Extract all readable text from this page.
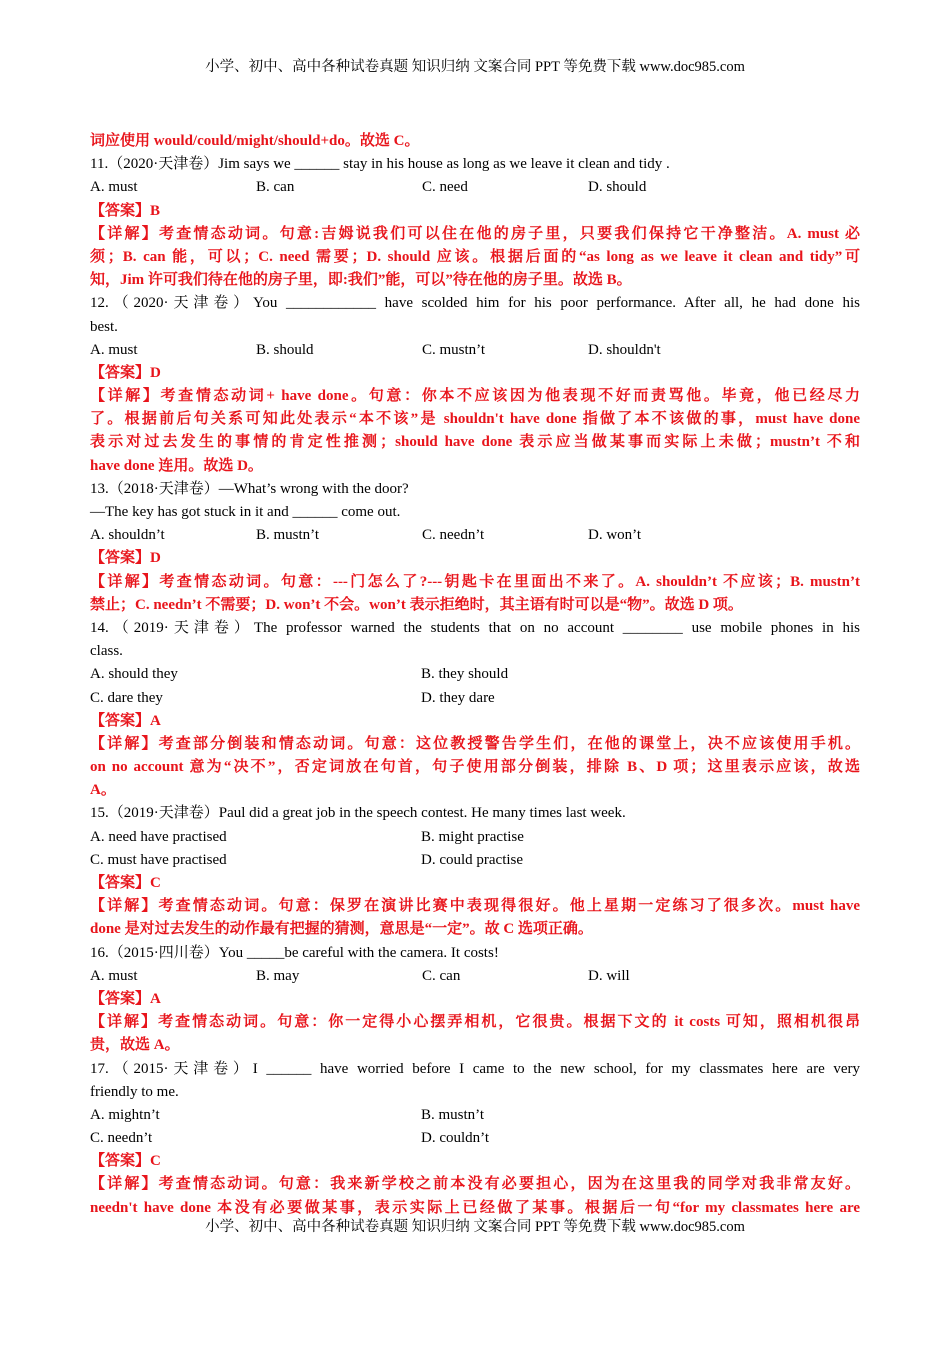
小学、初中、高中各种试卷真题 知识归纳 文案合同 PPT 等免费下载 www.doc985.com
词应使用 would/could/might/should+do。故选 C。
11.（2020·天津卷）Jim says we ______ stay in his house as long as we leave it clean and tidy .
A. must	B. can	C. need	D. should
【答案】B
【详解】考查情态动词。句意:吉姆说我们可以住在他的房子里，只要我们保持它干净整洁。A. must 必
须；B. can 能，可以；C. need 需要；D. should 应该。根据后面的“as long as we leave it clean and tidy”可
知，Jim 许可我们待在他的房子里，即:我们”能，可以”待在他的房子里。故选 B。
12.（2020·天津卷）You ____________ have scolded him for his poor performance. After all, he had done his
best.
A. must	B. should	C. mustn’t	D. shouldn't
【答案】D
【详解】考查情态动词+ have done。句意：你本不应该因为他表现不好而责骂他。毕竟，他已经尽力
了。根据前后句关系可知此处表示“本不该”是 shouldn't have done 指做了本不该做的事，must have done
表示对过去发生的事情的肯定性推测；should have done 表示应当做某事而实际上未做；mustn’t 不和
have done 连用。故选 D。
13.（2018·天津卷）—What’s wrong with the door?
—The key has got stuck in it and ______ come out.
A. shouldn’t	B. mustn’t	C. needn’t	D. won’t
【答案】D
【详解】考查情态动词。句意：---门怎么了?---钥匙卡在里面出不来了。A. shouldn’t 不应该；B. mustn’t
禁止；C. needn’t 不需要；D. won’t 不会。won’t 表示拒绝时，其主语有时可以是“物”。故选 D 项。
14.（2019·天津卷）The professor warned the students that on no account ________ use mobile phones in his
class.
A. should they	B. they should
C. dare they	D. they dare
【答案】A
【详解】考查部分倒装和情态动词。句意：这位教授警告学生们，在他的课堂上，决不应该使用手机。
on no account 意为“决不”，否定词放在句首，句子使用部分倒装，排除 B、D 项；这里表示应该，故选
A。
15.（2019·天津卷）Paul did a great job in the speech contest. He many times last week.
A. need have practised	B. might practise
C. must have practised	D. could practise
【答案】C
【详解】考查情态动词。句意：保罗在演讲比赛中表现得很好。他上星期一定练习了很多次。must have
done 是对过去发生的动作最有把握的猜测，意思是“一定”。故 C 选项正确。
16.（2015·四川卷）You _____be careful with the camera. It costs!
A. must	B. may	C. can	D. will
【答案】A
【详解】考查情态动词。句意：你一定得小心摆弄相机，它很贵。根据下文的 it costs 可知，照相机很昂
贵，故选 A。
17.（2015·天津卷）I ______ have worried before I came to the new school, for my classmates here are very
friendly to me.
A. mightn’t	B. mustn’t
C. needn’t	D. couldn’t
【答案】C
【详解】考查情态动词。句意：我来新学校之前本没有必要担心，因为在这里我的同学对我非常友好。
needn't have done 本没有必要做某事，表示实际上已经做了某事。根据后一句“for my classmates here are
小学、初中、高中各种试卷真题 知识归纳 文案合同 PPT 等免费下载 www.doc985.com
